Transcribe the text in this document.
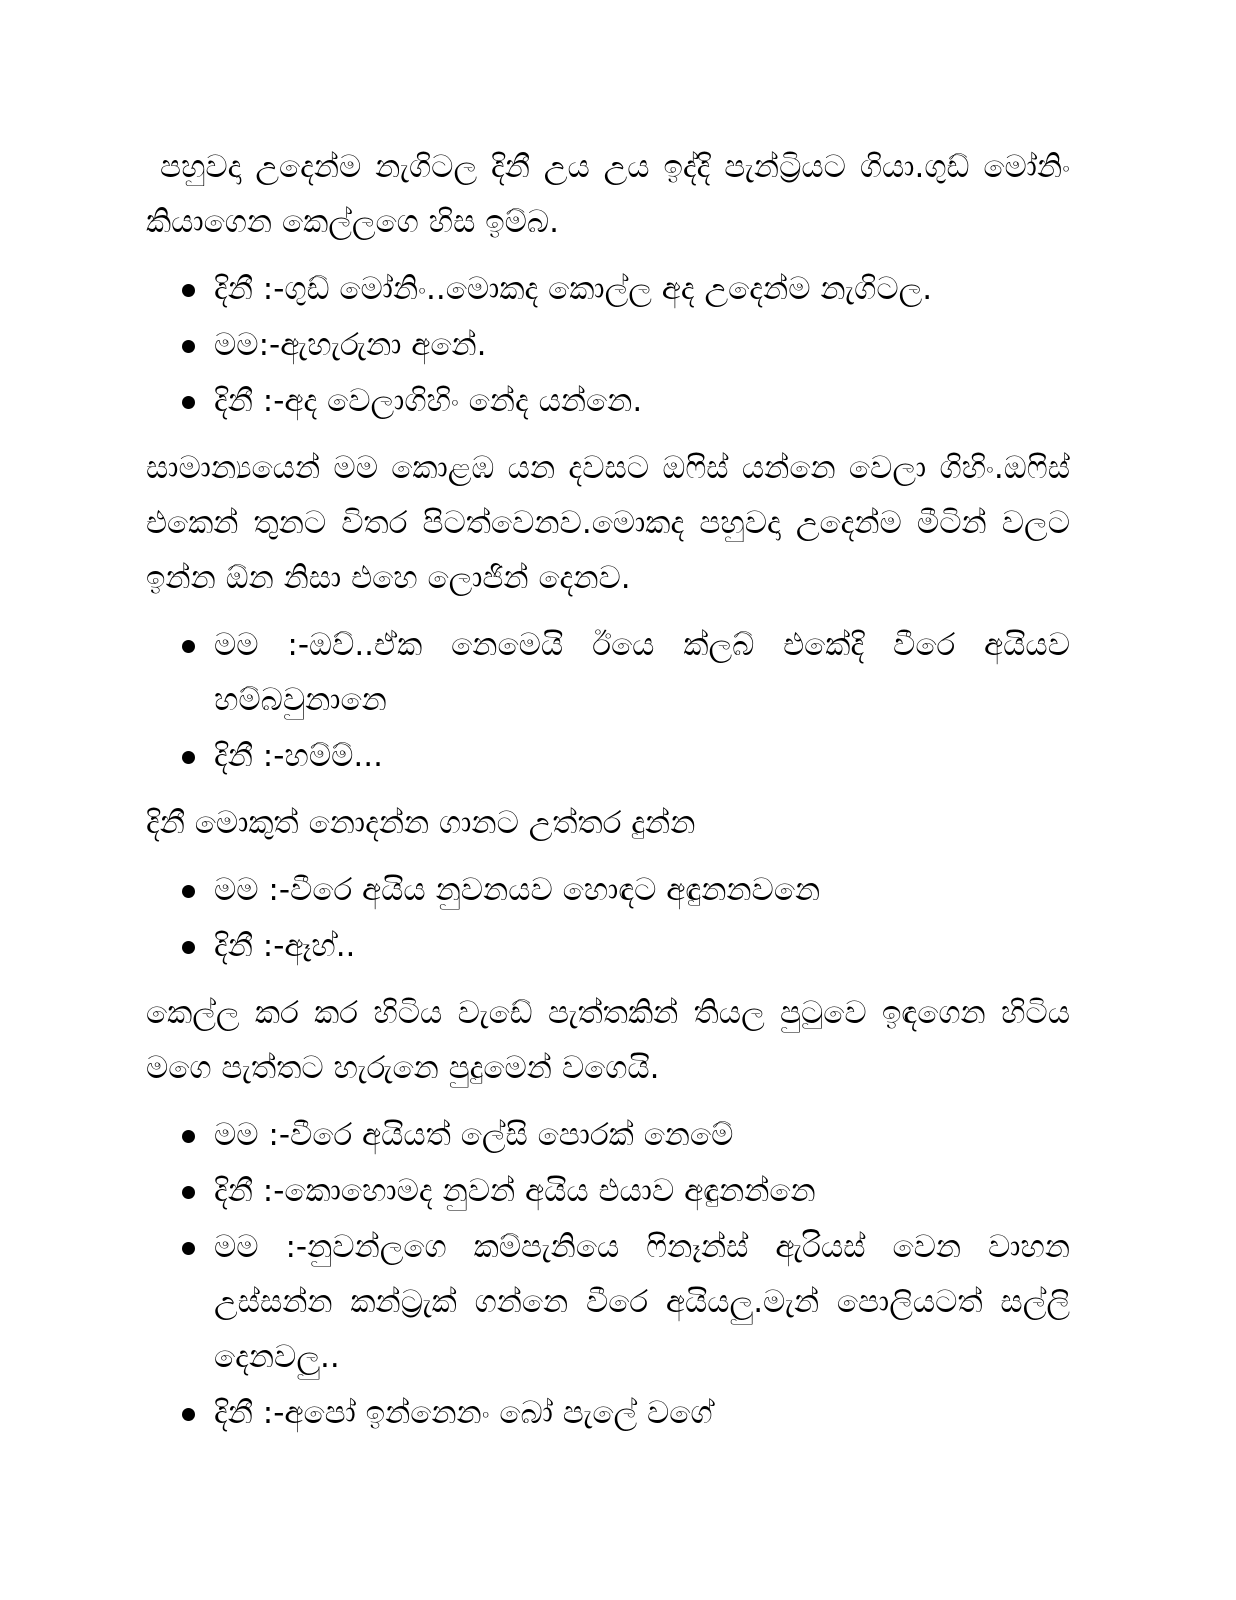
පහුවදා උදෙන්ම නැගිටල දිනී උය උය ඉද්දි පැන්ට්‍රියට ගියා.ගුඩ් මෝනිං කියාගෙන කෙල්ලගෙ හිස ඉම්බ.

දිනී :-ගුඩ් මෝනිං..මොකද කොල්ල අද උදෙන්ම නැගිටල.
මම:-ඇහැරුනා අනේ.
දිනී :-අද වෙලාගිහිං නේද යන්නෙ.

සාමාන්‍යයෙන් මම කොළඹ යන දවසට ඔෆිස් යන්නෙ වෙලා ගිහිං.ඔෆිස් එකෙන් තුනට විතර පිටත්වෙනව.මොකද පහුවදා උදෙන්ම මීටින් වලට ඉන්න ඕන නිසා එහෙ ලොජින් දෙනව.

මම :-ඔව්..ඒක නෙමෙයි ඊයෙ ක්ලබ් එකේදි වීරෙ අයියව හම්බවුනානෙ
දිනී :-හම්ම්...

දිනී මොකුත් නොදන්න ගානට උත්තර දුන්න

මම :-වීරෙ අයිය නුවනයව හොඳට අඳුනනවනෙ
දිනී :-ඈහ්..

කෙල්ල කර කර හිටිය වැඩේ පැත්තකින් තියල පුටුවෙ ඉඳගෙන හිටිය මගෙ පැත්තට හැරුනෙ පුදුමෙන් වගෙයි.

මම :-වීරෙ අයියත් ලේසි පොරක් නෙමේ
දිනී :-කොහොමද නුවන් අයිය එයාව අඳුනන්නෙ
මම :-නුවන්ලගෙ කම්පැනියෙ ෆිනෑන්ස් ඇරියස් වෙන වාහන උස්සන්න කන්ට්‍රැක් ගන්නෙ වීරෙ අයියලු.මැන් පොලියටත් සල්ලි දෙනවලු..
දිනී :-අපෝ ඉන්නෙනං බෝ පැලේ වගේ
